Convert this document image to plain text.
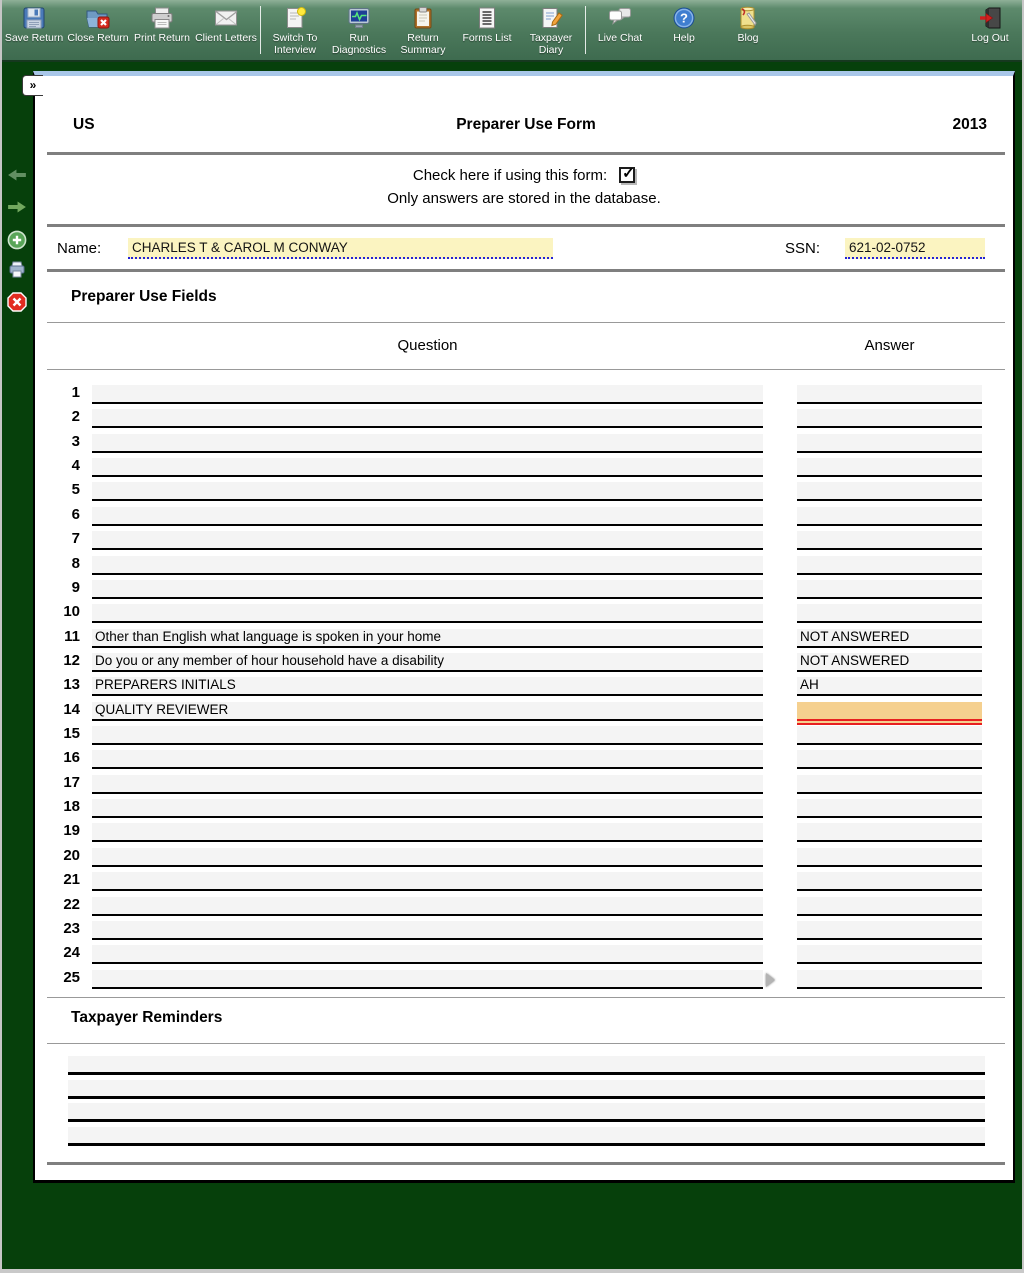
Save Return Close Return Print Return Client Letters	Switch To Interview
Run Diagnostics
Return Summary
Forms List	Taxpayer Diary
Live Chat
?
Help	Blog	Log Out
»
US	Preparer Use Form	2013
Check here if using this form: ✓
Only answers are stored in the database.
Name: CHARLES T & CAROL M CONWAY	SSN: 621-02-0752
Preparer Use Fields
Question	Answer
1
2
3
4
5
6
7
8
9
10
11 Other than English what language is spoken in your home	NOT ANSWERED
12 Do you or any member of hour household have a disability	NOT ANSWERED
13 PREPARERS INITIALS	AH
14 QUALITY REVIEWER
15
16
17
18
19
20
21
22
23
24
25
Taxpayer Reminders
